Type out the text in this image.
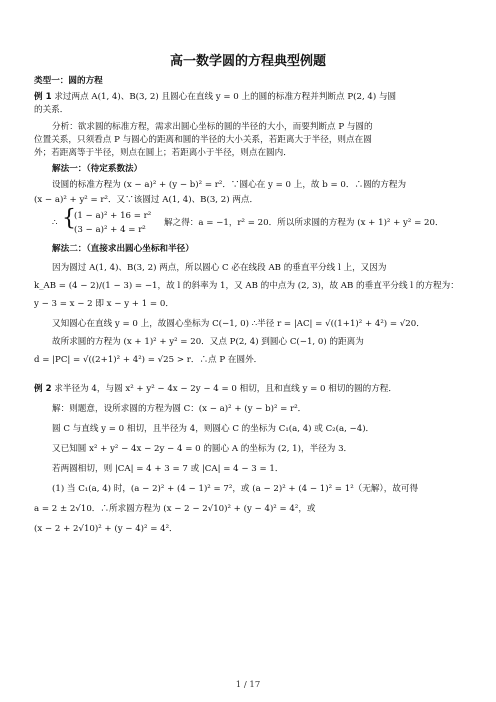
高一数学圆的方程典型例题
类型一：圆的方程
例 1 求过两点 A(1, 4)、B(3, 2) 且圆心在直线 y = 0 上的圆的标准方程并判断点 P(2, 4) 与圆
的关系．
分析：欲求圆的标准方程，需求出圆心坐标的圆的半径的大小，而要判断点 P 与圆的
位置关系，只须看点 P 与圆心的距离和圆的半径的大小关系，若距离大于半径，则点在圆
外；若距离等于半径，则点在圆上；若距离小于半径，则点在圆内．
解法一：（待定系数法）
设圆的标准方程为 (x − a)² + (y − b)² = r²．∵圆心在 y = 0 上，故 b = 0．∴圆的方程为
(x − a)² + y² = r²．又∵该圆过 A(1, 4)、B(3, 2) 两点．
∴ {
(1 − a)² + 16 = r²
(3 − a)² + 4 = r²
解之得：a = −1，r² = 20．所以所求圆的方程为 (x + 1)² + y² = 20．
解法二：（直接求出圆心坐标和半径）
因为圆过 A(1, 4)、B(3, 2) 两点，所以圆心 C 必在线段 AB 的垂直平分线 l 上，又因为
k_AB = (4 − 2)/(1 − 3) = −1，故 l 的斜率为 1，又 AB 的中点为 (2, 3)，故 AB 的垂直平分线 l 的方程为：
y − 3 = x − 2 即 x − y + 1 = 0．
又知圆心在直线 y = 0 上，故圆心坐标为 C(−1, 0) ∴半径 r = |AC| = √((1+1)² + 4²) = √20．
故所求圆的方程为 (x + 1)² + y² = 20．又点 P(2, 4) 到圆心 C(−1, 0) 的距离为
d = |PC| = √((2+1)² + 4²) = √25 > r．∴点 P 在圆外．
例 2 求半径为 4，与圆 x² + y² − 4x − 2y − 4 = 0 相切，且和直线 y = 0 相切的圆的方程．
解：则题意，设所求圆的方程为圆 C：(x − a)² + (y − b)² = r²．
圆 C 与直线 y = 0 相切，且半径为 4，则圆心 C 的坐标为 C₁(a, 4) 或 C₂(a, −4)．
又已知圆 x² + y² − 4x − 2y − 4 = 0 的圆心 A 的坐标为 (2, 1)，半径为 3．
若两圆相切，则 |CA| = 4 + 3 = 7 或 |CA| = 4 − 3 = 1．
(1) 当 C₁(a, 4) 时，(a − 2)² + (4 − 1)² = 7²，或 (a − 2)² + (4 − 1)² = 1²（无解），故可得
a = 2 ± 2√10．∴所求圆方程为 (x − 2 − 2√10)² + (y − 4)² = 4²，或
(x − 2 + 2√10)² + (y − 4)² = 4²．
1 / 17
